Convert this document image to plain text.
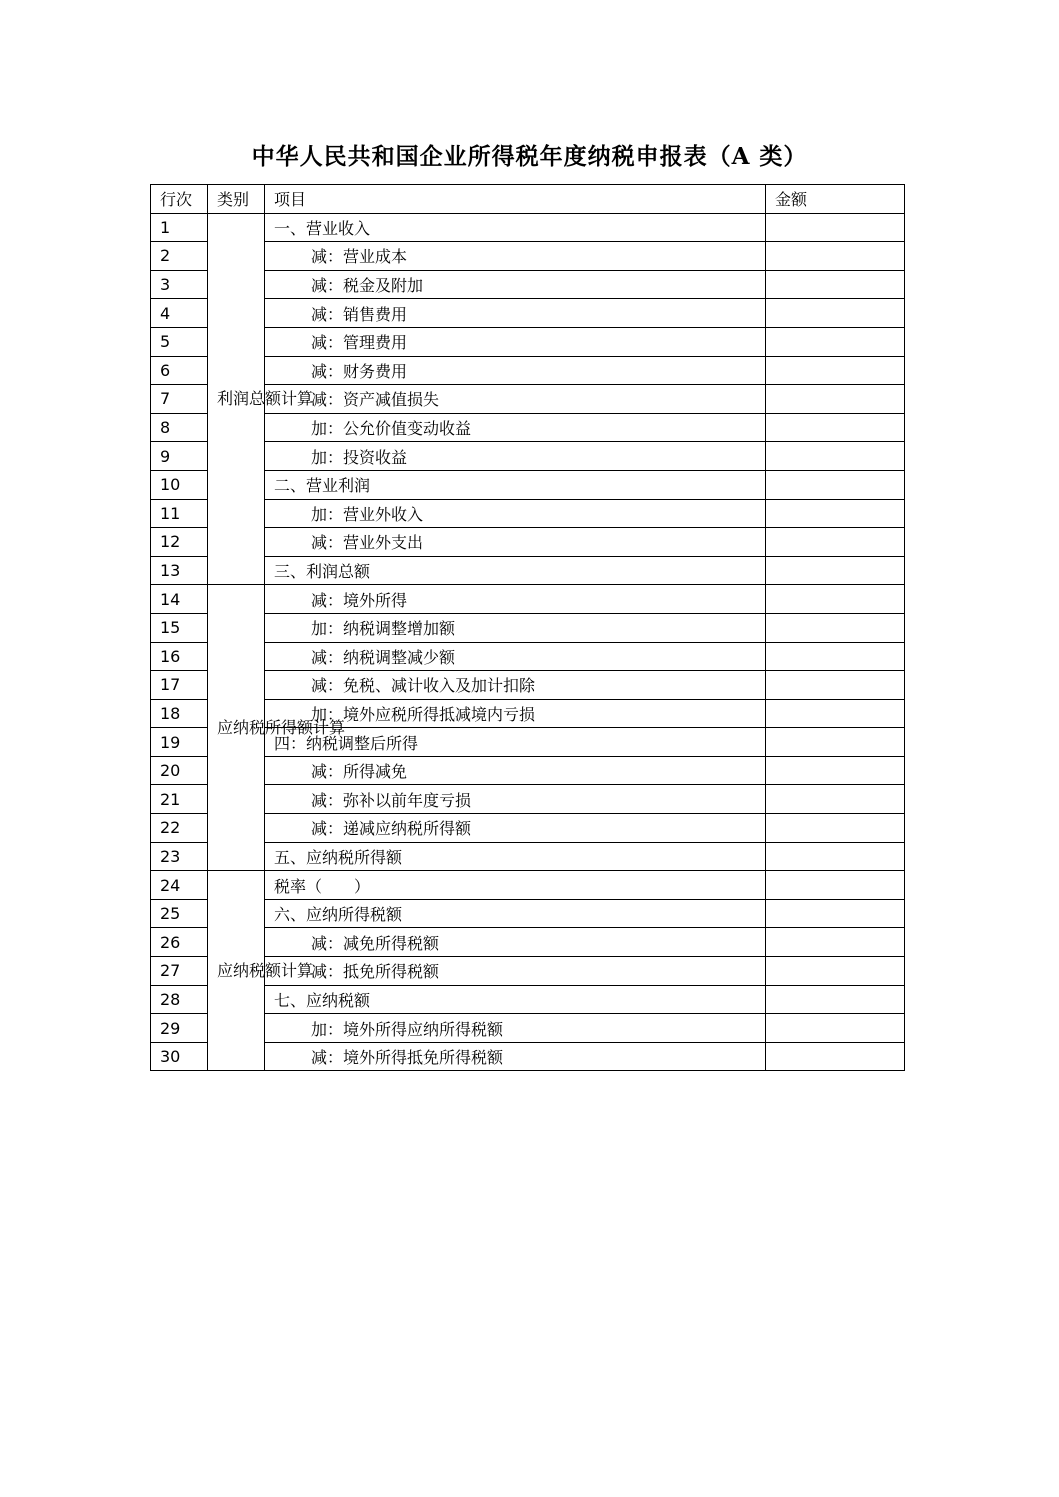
中华人民共和国企业所得税年度纳税申报表（A 类）
行次	类别	项目	金额
1	利润总额计算	一、营业收入	
2		减：营业成本	
3		减：税金及附加	
4		减：销售费用	
5		减：管理费用	
6		减：财务费用	
7		减：资产减值损失	
8		加：公允价值变动收益	
9		加：投资收益	
10		二、营业利润	
11		加：营业外收入	
12		减：营业外支出	
13		三、利润总额	
14	应纳税所得额计算	减：境外所得	
15		加：纳税调整增加额	
16		减：纳税调整减少额	
17		减：免税、减计收入及加计扣除	
18		加：境外应税所得抵减境内亏损	
19		四：纳税调整后所得	
20		减：所得减免	
21		减：弥补以前年度亏损	
22		减：递减应纳税所得额	
23		五、应纳税所得额	
24	应纳税额计算	税率（　　）	
25		六、应纳所得税额	
26		减：减免所得税额	
27		减：抵免所得税额	
28		七、应纳税额	
29		加：境外所得应纳所得税额	
30		减：境外所得抵免所得税额	
